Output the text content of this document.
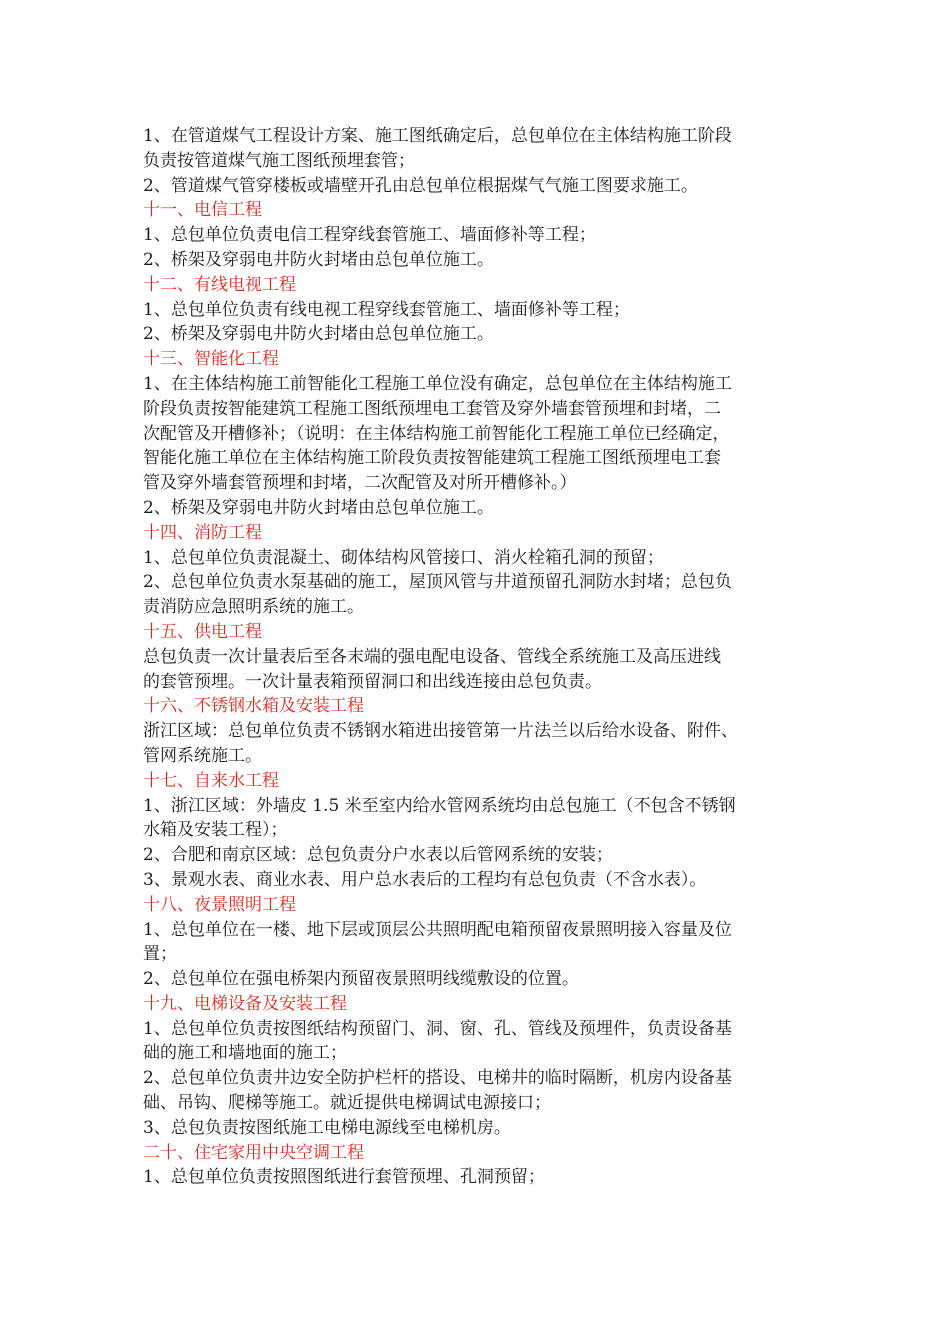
1、在管道煤气工程设计方案、施工图纸确定后，总包单位在主体结构施工阶段
负责按管道煤气施工图纸预埋套管；
2、管道煤气管穿楼板或墙壁开孔由总包单位根据煤气气施工图要求施工。
十一、电信工程
1、总包单位负责电信工程穿线套管施工、墙面修补等工程；
2、桥架及穿弱电井防火封堵由总包单位施工。
十二、有线电视工程
1、总包单位负责有线电视工程穿线套管施工、墙面修补等工程；
2、桥架及穿弱电井防火封堵由总包单位施工。
十三、智能化工程
1、在主体结构施工前智能化工程施工单位没有确定，总包单位在主体结构施工
阶段负责按智能建筑工程施工图纸预埋电工套管及穿外墙套管预埋和封堵，二
次配管及开槽修补；（说明：在主体结构施工前智能化工程施工单位已经确定，
智能化施工单位在主体结构施工阶段负责按智能建筑工程施工图纸预埋电工套
管及穿外墙套管预埋和封堵，二次配管及对所开槽修补。）
2、桥架及穿弱电井防火封堵由总包单位施工。
十四、消防工程
1、总包单位负责混凝土、砌体结构风管接口、消火栓箱孔洞的预留；
2、总包单位负责水泵基础的施工，屋顶风管与井道预留孔洞防水封堵；总包负
责消防应急照明系统的施工。
十五、供电工程
总包负责一次计量表后至各末端的强电配电设备、管线全系统施工及高压进线
的套管预埋。一次计量表箱预留洞口和出线连接由总包负责。
十六、不锈钢水箱及安装工程
浙江区域：总包单位负责不锈钢水箱进出接管第一片法兰以后给水设备、附件、
管网系统施工。
十七、自来水工程
1、浙江区域：外墙皮 1.5 米至室内给水管网系统均由总包施工（不包含不锈钢
水箱及安装工程）；
2、合肥和南京区域：总包负责分户水表以后管网系统的安装；
3、景观水表、商业水表、用户总水表后的工程均有总包负责（不含水表）。
十八、夜景照明工程
1、总包单位在一楼、地下层或顶层公共照明配电箱预留夜景照明接入容量及位
置；
2、总包单位在强电桥架内预留夜景照明线缆敷设的位置。
十九、电梯设备及安装工程
1、总包单位负责按图纸结构预留门、洞、窗、孔、管线及预埋件，负责设备基
础的施工和墙地面的施工；
2、总包单位负责井边安全防护栏杆的搭设、电梯井的临时隔断，机房内设备基
础、吊钩、爬梯等施工。就近提供电梯调试电源接口；
3、总包负责按图纸施工电梯电源线至电梯机房。
二十、住宅家用中央空调工程
1、总包单位负责按照图纸进行套管预埋、孔洞预留；
